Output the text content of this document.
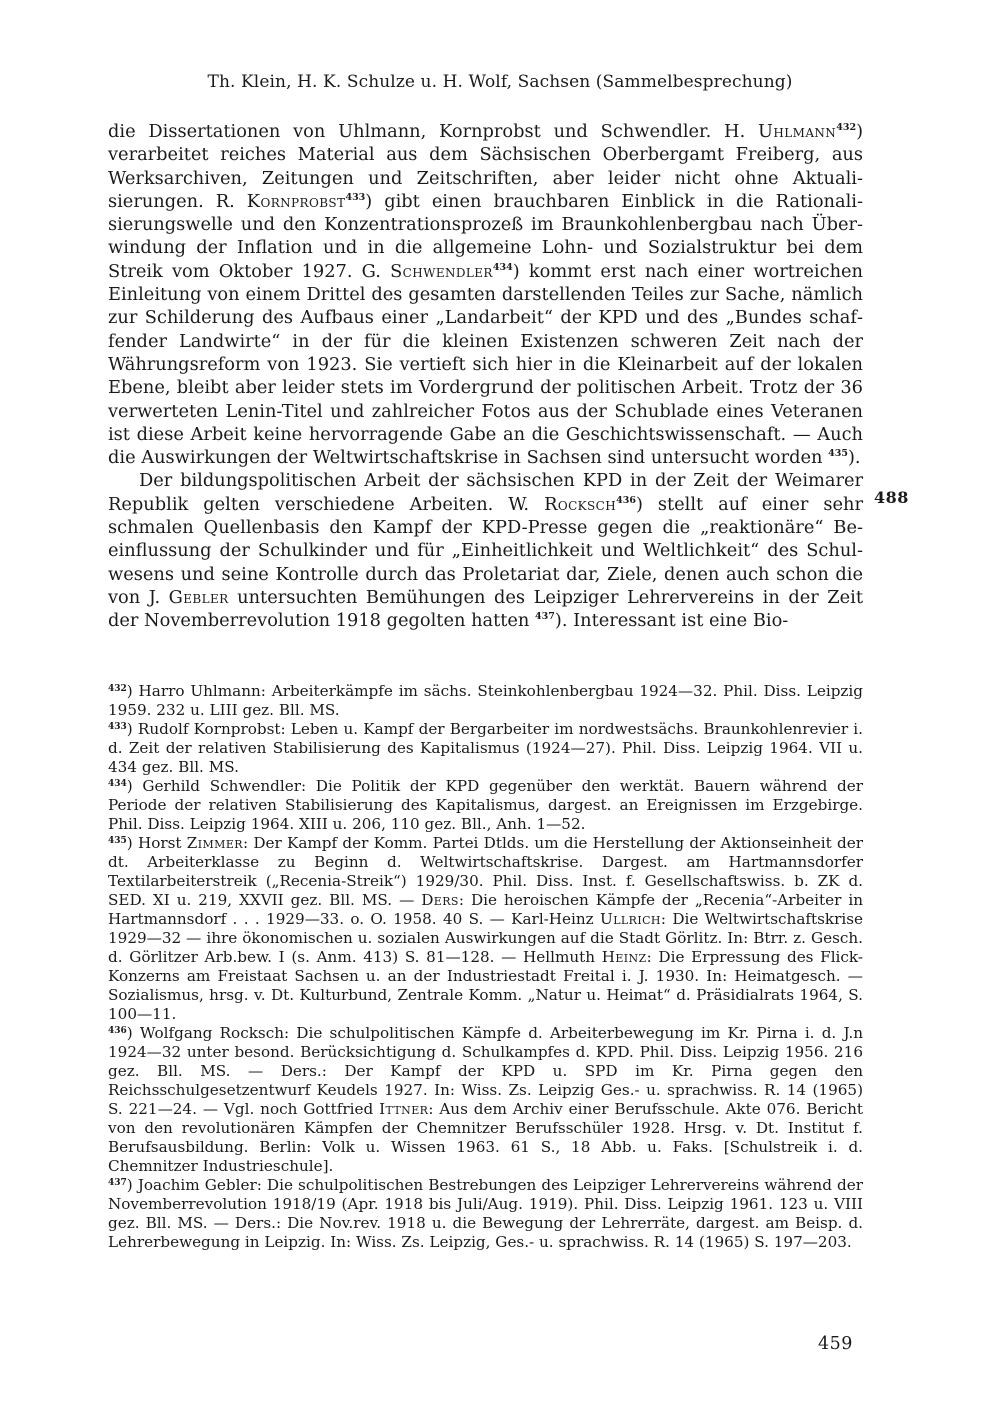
Th. Klein, H. K. Schulze u. H. Wolf, Sachsen (Sammelbesprechung)

die Dissertationen von Uhlmann, Kornprobst und Schwendler. H. Uhlmann$^{432}$) verarbeitet reiches Material aus dem Sächsischen Oberbergamt Freiberg, aus Werksarchiven, Zeitungen und Zeitschriften, aber leider nicht ohne Aktualisierungen. R. Kornprobst$^{433}$) gibt einen brauchbaren Einblick in die Rationalisierungswelle und den Konzentrationsprozeß im Braunkohlenbergbau nach Überwindung der Inflation und in die allgemeine Lohn- und Sozialstruktur bei dem Streik vom Oktober 1927. G. Schwendler$^{434}$) kommt erst nach einer wortreichen Einleitung von einem Drittel des gesamten darstellenden Teiles zur Sache, nämlich zur Schilderung des Aufbaus einer „Landarbeit“ der KPD und des „Bundes schaffender Landwirte“ in der für die kleinen Existenzen schweren Zeit nach der Währungsreform von 1923. Sie vertieft sich hier in die Kleinarbeit auf der lokalen Ebene, bleibt aber leider stets im Vordergrund der politischen Arbeit. Trotz der 36 verwerteten Lenin-Titel und zahlreicher Fotos aus der Schublade eines Veteranen ist diese Arbeit keine hervorragende Gabe an die Geschichtswissenschaft. — Auch die Auswirkungen der Weltwirtschaftskrise in Sachsen sind untersucht worden $^{435}$).

Der bildungspolitischen Arbeit der sächsischen KPD in der Zeit der Weimarer Republik gelten verschiedene Arbeiten. W. Rocksch$^{436}$) stellt auf einer sehr schmalen Quellenbasis den Kampf der KPD-Presse gegen die „reaktionäre“ Beeinflussung der Schulkinder und für „Einheitlichkeit und Weltlichkeit“ des Schulwesens und seine Kontrolle durch das Proletariat dar, Ziele, denen auch schon die von J. Gebler untersuchten Bemühungen des Leipziger Lehrervereins in der Zeit der Novemberrevolution 1918 gegolten hatten $^{437}$). Interessant ist eine Bio-

488

$^{432}$) Harro Uhlmann: Arbeiterkämpfe im sächs. Steinkohlenbergbau 1924—32. Phil. Diss. Leipzig 1959. 232 u. LIII gez. Bll. MS.

$^{433}$) Rudolf Kornprobst: Leben u. Kampf der Bergarbeiter im nordwestsächs. Braunkohlenrevier i. d. Zeit der relativen Stabilisierung des Kapitalismus (1924—27). Phil. Diss. Leipzig 1964. VII u. 434 gez. Bll. MS.

$^{434}$) Gerhild Schwendler: Die Politik der KPD gegenüber den werktät. Bauern während der Periode der relativen Stabilisierung des Kapitalismus, dargest. an Ereignissen im Erzgebirge. Phil. Diss. Leipzig 1964. XIII u. 206, 110 gez. Bll., Anh. 1—52.

$^{435}$) Horst Zimmer: Der Kampf der Komm. Partei Dtlds. um die Herstellung der Aktionseinheit der dt. Arbeiterklasse zu Beginn d. Weltwirtschaftskrise. Dargest. am Hartmannsdorfer Textilarbeiterstreik („Recenia-Streik“) 1929/30. Phil. Diss. Inst. f. Gesellschaftswiss. b. ZK d. SED. XI u. 219, XXVII gez. Bll. MS. — Ders: Die heroischen Kämpfe der „Recenia“-Arbeiter in Hartmannsdorf . . . 1929—33. o. O. 1958. 40 S. — Karl-Heinz Ullrich: Die Weltwirtschaftskrise 1929—32 — ihre ökonomischen u. sozialen Auswirkungen auf die Stadt Görlitz. In: Btrr. z. Gesch. d. Görlitzer Arb.bew. I (s. Anm. 413) S. 81—128. — Hellmuth Heinz: Die Erpressung des Flick-Konzerns am Freistaat Sachsen u. an der Industriestadt Freital i. J. 1930. In: Heimatgesch. — Sozialismus, hrsg. v. Dt. Kulturbund, Zentrale Komm. „Natur u. Heimat“ d. Präsidialrats 1964, S. 100—11.

$^{436}$) Wolfgang Rocksch: Die schulpolitischen Kämpfe d. Arbeiterbewegung im Kr. Pirna i. d. J.n 1924—32 unter besond. Berücksichtigung d. Schulkampfes d. KPD. Phil. Diss. Leipzig 1956. 216 gez. Bll. MS. — Ders.: Der Kampf der KPD u. SPD im Kr. Pirna gegen den Reichsschulgesetzentwurf Keudels 1927. In: Wiss. Zs. Leipzig Ges.- u. sprachwiss. R. 14 (1965) S. 221—24. — Vgl. noch Gottfried Ittner: Aus dem Archiv einer Berufsschule. Akte 076. Bericht von den revolutionären Kämpfen der Chemnitzer Berufsschüler 1928. Hrsg. v. Dt. Institut f. Berufsausbildung. Berlin: Volk u. Wissen 1963. 61 S., 18 Abb. u. Faks. [Schulstreik i. d. Chemnitzer Industrieschule].

$^{437}$) Joachim Gebler: Die schulpolitischen Bestrebungen des Leipziger Lehrervereins während der Novemberrevolution 1918/19 (Apr. 1918 bis Juli/Aug. 1919). Phil. Diss. Leipzig 1961. 123 u. VIII gez. Bll. MS. — Ders.: Die Nov.rev. 1918 u. die Bewegung der Lehrerräte, dargest. am Beisp. d. Lehrerbewegung in Leipzig. In: Wiss. Zs. Leipzig, Ges.- u. sprachwiss. R. 14 (1965) S. 197—203.

459
